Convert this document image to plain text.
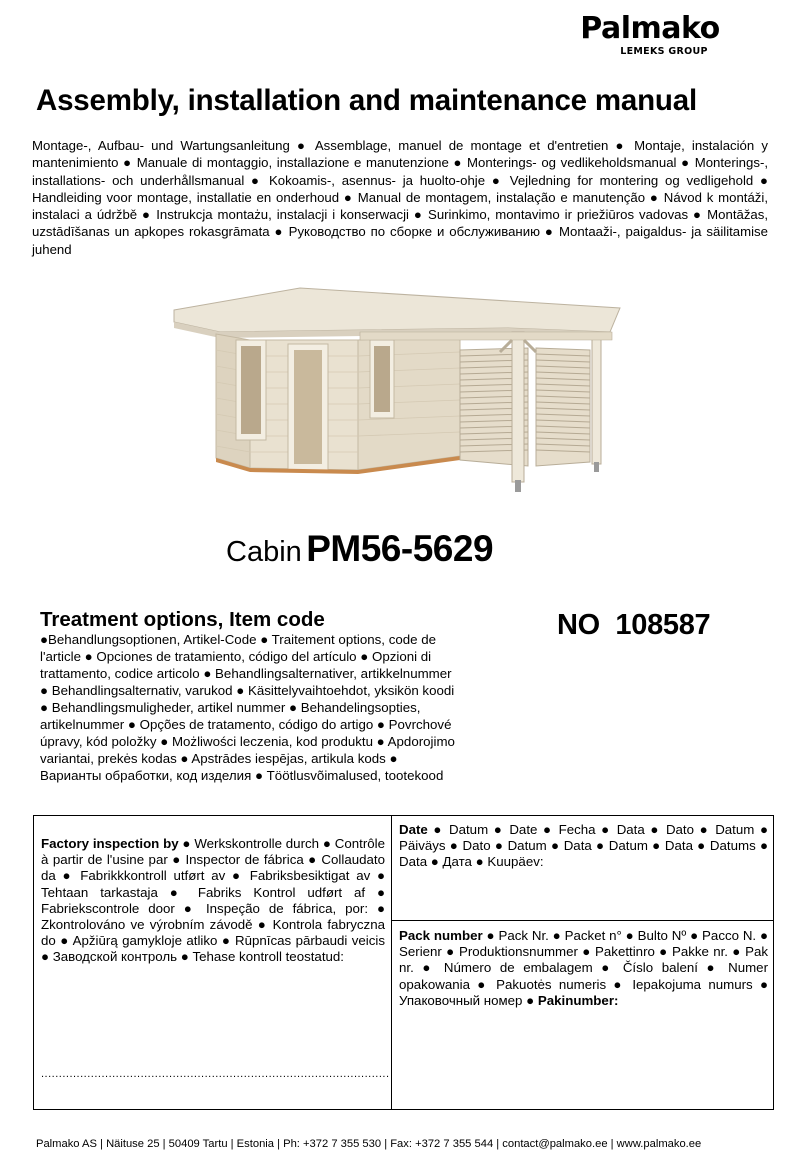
Palmako
LEMEKS GROUP
Assembly, installation and maintenance manual

Montage-, Aufbau- und Wartungsanleitung ● Assemblage, manuel de montage et d'entretien ● Montaje, instalación y mantenimiento ● Manuale di montaggio, installazione e manutenzione ● Monterings- og vedlikeholdsmanual ● Monterings-, installations- och underhållsmanual ● Kokoamis-, asennus- ja huolto-ohje ● Vejledning for montering og vedligehold ● Handleiding voor montage, installatie en onderhoud ● Manual de montagem, instalação e manutenção ● Návod k montáži, instalaci a údržbě ● Instrukcja montażu, instalacji i konserwacji ● Surinkimo, montavimo ir priežiūros vadovas ● Montāžas, uzstādīšanas un apkopes rokasgrāmata ● Руководство по сборке и обслуживанию ● Montaaži-, paigaldus- ja säilitamise juhend

Cabin PM56-5629
Treatment options, Item code

●Behandlungsoptionen, Artikel-Code ● Traitement options, code de l'article ● Opciones de tratamiento, código del artículo ● Opzioni di trattamento, codice articolo ● Behandlingsalternativer, artikkelnummer ● Behandlingsalternativ, varukod ● Käsittelyvaihtoehdot, yksikön koodi ● Behandlingsmuligheder, artikel nummer ● Behandelingsopties, artikelnummer ● Opções de tratamento, código do artigo ● Povrchové úpravy, kód položky ● Możliwości leczenia, kod produktu ● Apdorojimo variantai, prekės kodas ● Apstrādes iespējas, artikula kods ● Варианты обработки, код изделия ● Töötlusvõimalused, tootekood

NO  108587
Factory inspection by ● Werkskontrolle durch ● Contrôle à partir de l'usine par ● Inspector de fábrica ● Collaudato da ● Fabrikkkontroll utført av ● Fabriksbesiktigat av ● Tehtaan tarkastaja ● Fabriks Kontrol udført af ● Fabriekscontrole door ● Inspeção de fábrica, por: ● Zkontrolováno ve výrobním závodě ● Kontrola fabryczna do ● Apžiūrą gamykloje atliko ● Rūpnīcas pārbaudi veicis ● Заводской контроль ● Tehase kontroll teostatud:
..................................................................................................
Date ● Datum ● Date ● Fecha ● Data ● Dato ● Datum ● Päiväys ● Dato ● Datum ● Data ● Datum ● Data ● Datums ● Data ● Дата ● Kuupäev:
Pack number ● Pack Nr. ● Packet n° ● Bulto Nº ● Pacco N. ● Serienr ● Produktionsnummer ● Pakettinro ● Pakke nr. ● Pak nr. ● Número de embalagem ● Číslo balení ● Numer opakowania ● Pakuotės numeris ● Iepakojuma numurs ● Упаковочный номер ● Pakinumber:

Palmako AS | Näituse 25 | 50409 Tartu | Estonia | Ph: +372 7 355 530 | Fax: +372 7 355 544 | contact@palmako.ee | www.palmako.ee
